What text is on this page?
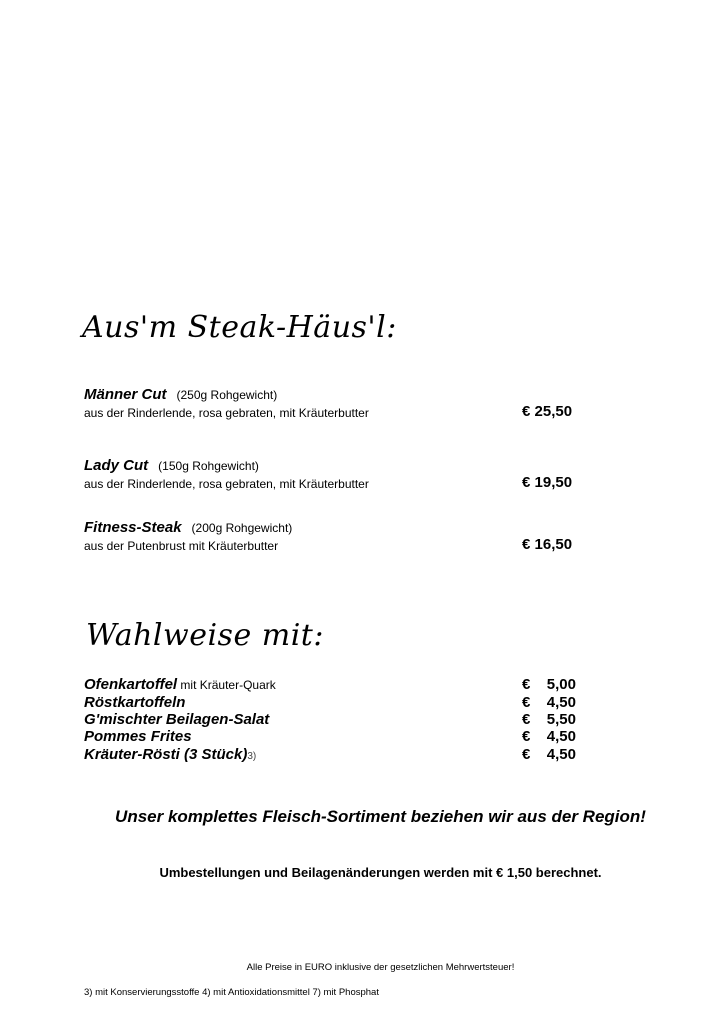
Aus'm Steak-Häus'l:
Männer Cut (250g Rohgewicht)
aus der Rinderlende, rosa gebraten, mit Kräuterbutter	€ 25,50
Lady Cut (150g Rohgewicht)
aus der Rinderlende, rosa gebraten, mit Kräuterbutter	€ 19,50
Fitness-Steak (200g Rohgewicht)
aus der Putenbrust mit Kräuterbutter	€ 16,50
Wahlweise mit:
Ofenkartoffel mit Kräuter-Quark	€ 5,00
Röstkartoffeln	€ 4,50
G'mischter Beilagen-Salat	€ 5,50
Pommes Frites	€ 4,50
Kräuter-Rösti (3 Stück)3)	€ 4,50
Unser komplettes Fleisch-Sortiment beziehen wir aus der Region!
Umbestellungen und Beilagenänderungen werden mit € 1,50 berechnet.
Alle Preise in EURO inklusive der gesetzlichen Mehrwertsteuer!
3) mit Konservierungsstoffe 4) mit Antioxidationsmittel 7) mit Phosphat
